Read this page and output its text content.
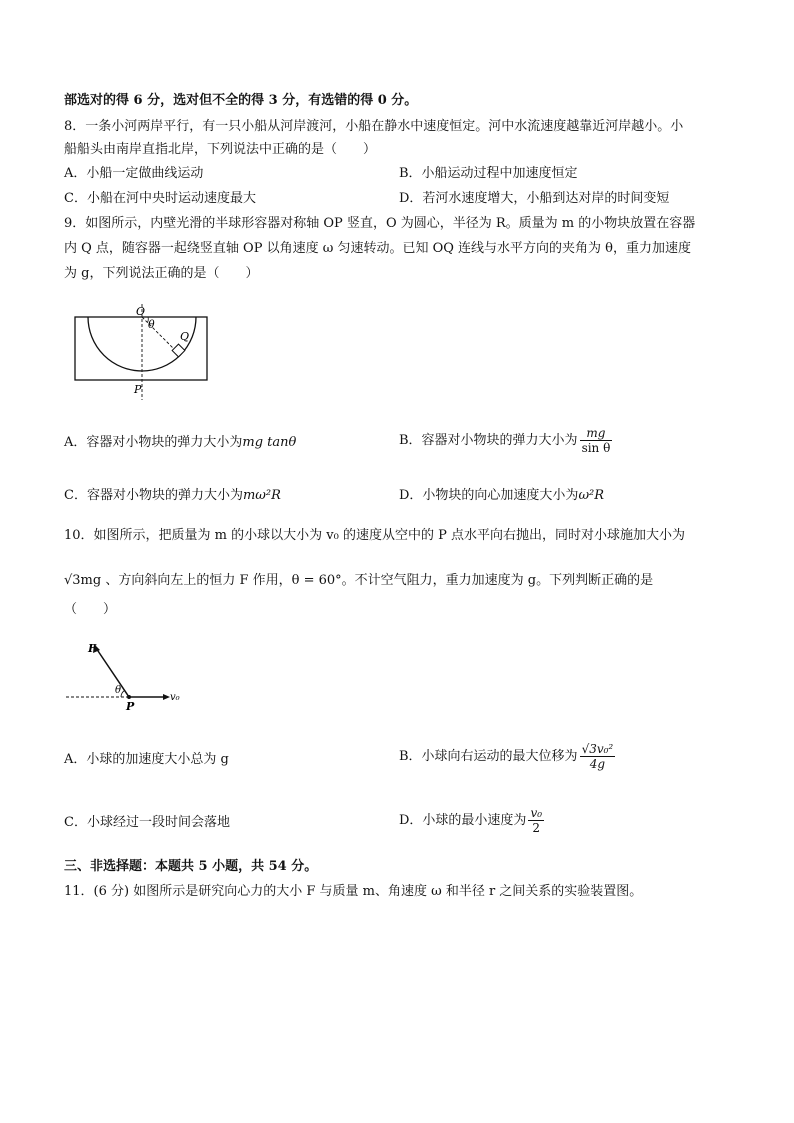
部选对的得 6 分，选对但不全的得 3 分，有选错的得 0 分。
8．一条小河两岸平行，有一只小船从河岸渡河，小船在静水中速度恒定。河中水流速度越靠近河岸越小。小
船船头由南岸直指北岸，下列说法中正确的是（　　）
A．小船一定做曲线运动	B．小船运动过程中加速度恒定
C．小船在河中央时运动速度最大	D．若河水速度增大，小船到达对岸的时间变短
9．如图所示，内壁光滑的半球形容器对称轴 OP 竖直，O 为圆心，半径为 R。质量为 m 的小物块放置在容器
内 Q 点，随容器一起绕竖直轴 OP 以角速度 ω 匀速转动。已知 OQ 连线与水平方向的夹角为 θ，重力加速度
为 g，下列说法正确的是（　　）
O
θ
Q
P
A．容器对小物块的弹力大小为mg tanθ	B．容器对小物块的弹力大小为 $\frac{mg}{\text{sin θ}}$
C．容器对小物块的弹力大小为mω²R	D．小物块的向心加速度大小为ω²R
10．如图所示，把质量为 m 的小球以大小为 v₀ 的速度从空中的 P 点水平向右抛出，同时对小球施加大小为
√3mg 、方向斜向左上的恒力 F 作用，θ = 60°。不计空气阻力，重力加速度为 g。下列判断正确的是
（　　）
F
θ
P
v₀
A．小球的加速度大小总为 g	B．小球向右运动的最大位移为 $\frac{\text{√3v₀²}}{4g}$
C．小球经过一段时间会落地	D．小球的最小速度为 $\frac{\text{v₀}}{2}$
三、非选择题：本题共 5 小题，共 54 分。
11．(6 分) 如图所示是研究向心力的大小 F 与质量 m、角速度 ω 和半径 r 之间关系的实验装置图。
